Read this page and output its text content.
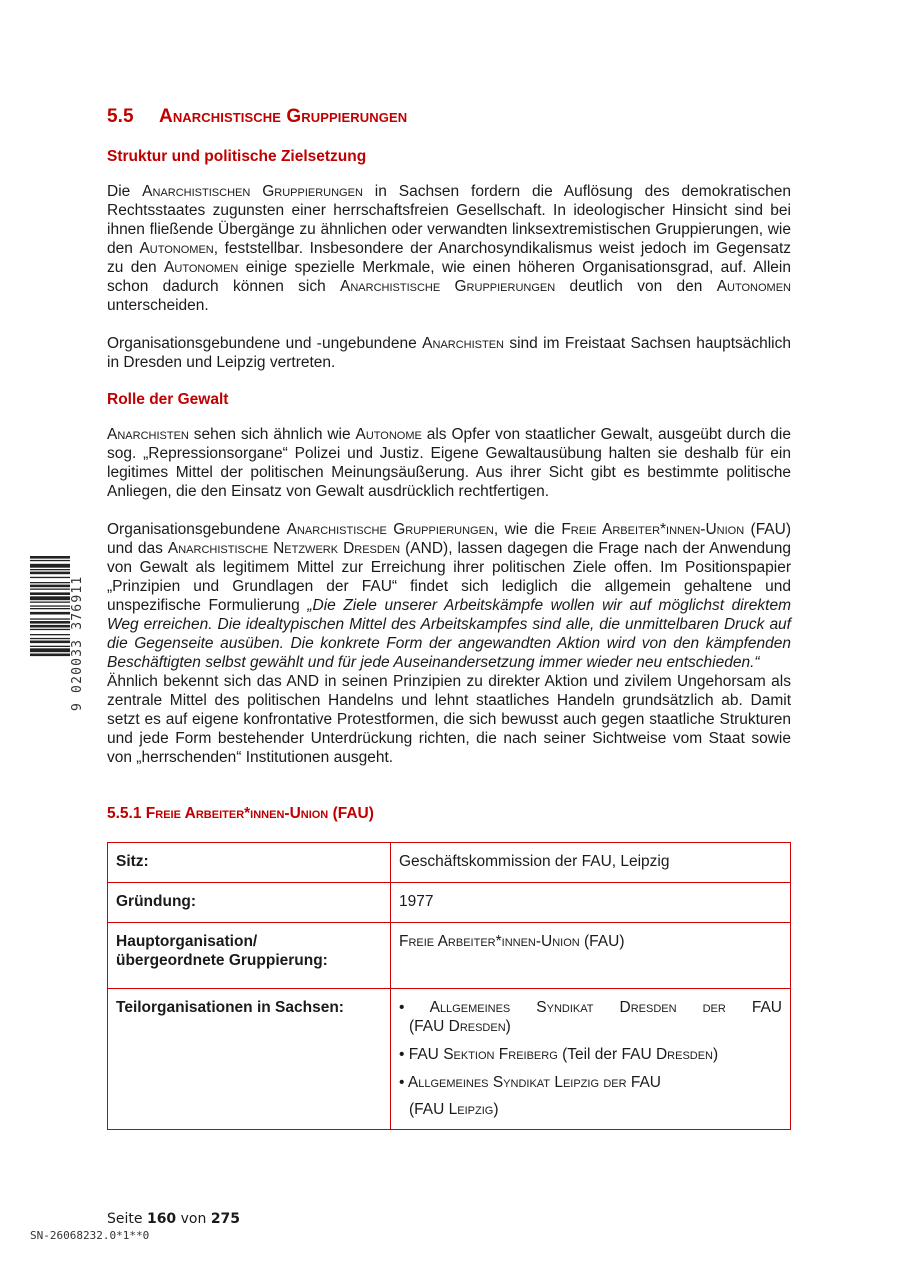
9 020033 376911
5.5 Anarchistische Gruppierungen
Struktur und politische Zielsetzung

Die Anarchistischen Gruppierungen in Sachsen fordern die Auflösung des demokratischen Rechtsstaates zugunsten einer herrschaftsfreien Gesellschaft. In ideologischer Hinsicht sind bei ihnen fließende Übergänge zu ähnlichen oder verwandten linksextremistischen Gruppierungen, wie den Autonomen, feststellbar. Insbesondere der Anarchosyndikalismus weist jedoch im Gegensatz zu den Autonomen einige spezielle Merkmale, wie einen höheren Organisationsgrad, auf. Allein schon dadurch können sich Anarchistische Gruppierungen deutlich von den Autonomen unterscheiden.

Organisationsgebundene und -ungebundene Anarchisten sind im Freistaat Sachsen hauptsächlich in Dresden und Leipzig vertreten.

Rolle der Gewalt

Anarchisten sehen sich ähnlich wie Autonome als Opfer von staatlicher Gewalt, ausgeübt durch die sog. „Repressionsorgane“ Polizei und Justiz. Eigene Gewaltausübung halten sie deshalb für ein legitimes Mittel der politischen Meinungsäußerung. Aus ihrer Sicht gibt es bestimmte politische Anliegen, die den Einsatz von Gewalt ausdrücklich rechtfertigen.

Organisationsgebundene Anarchistische Gruppierungen, wie die Freie Arbeiter*innen-Union (FAU) und das Anarchistische Netzwerk Dresden (AND), lassen dagegen die Frage nach der Anwendung von Gewalt als legitimem Mittel zur Erreichung ihrer politischen Ziele offen. Im Positionspapier „Prinzipien und Grundlagen der FAU“ findet sich lediglich die allgemein gehaltene und unspezifische Formulierung „Die Ziele unserer Arbeitskämpfe wollen wir auf möglichst direktem Weg erreichen. Die idealtypischen Mittel des Arbeitskampfes sind alle, die unmittelbaren Druck auf die Gegenseite ausüben. Die konkrete Form der angewandten Aktion wird von den kämpfenden Beschäftigten selbst gewählt und für jede Auseinandersetzung immer wieder neu entschieden.“

Ähnlich bekennt sich das AND in seinen Prinzipien zu direkter Aktion und zivilem Ungehorsam als zentrale Mittel des politischen Handelns und lehnt staatliches Handeln grundsätzlich ab. Damit setzt es auf eigene konfrontative Protestformen, die sich bewusst auch gegen staatliche Strukturen und jede Form bestehender Unterdrückung richten, die nach seiner Sichtweise vom Staat sowie von „herrschenden“ Institutionen ausgeht.

5.5.1 Freie Arbeiter*innen-Union (FAU)
Sitz:	Geschäftskommission der FAU, Leipzig
Gründung:	1977
Hauptorganisation/
übergeordnete Gruppierung:	Freie Arbeiter*innen-Union (FAU)
Teilorganisationen in Sachsen:	• Allgemeines Syndikat Dresden der FAU
(FAU Dresden)
• FAU Sektion Freiberg (Teil der FAU Dresden)
• Allgemeines Syndikat Leipzig der FAU
(FAU Leipzig)
Seite 160 von 275
SN-26068232.0*1**0
